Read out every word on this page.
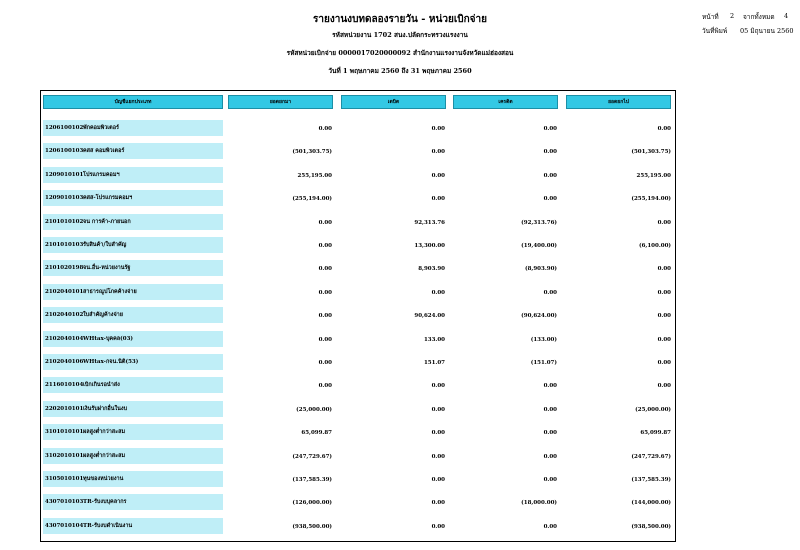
รายงานงบทดลองรายวัน - หน่วยเบิกจ่าย
รหัสหน่วยงาน 1702 สนง.ปลัดกระทรวงแรงงาน
รหัสหน่วยเบิกจ่าย 0000017020000092 สำนักงานแรงงานจังหวัดแม่ฮ่องสอน
วันที่ 1 พฤษภาคม 2560 ถึง 31 พฤษภาคม 2560
หน้าที่ 2 จากทั้งหมด 4
วันที่พิมพ์ 05 มิถุนายน 2560
บัญชีแยกประเภท	ยอดยกมา	เดบิต	เครดิต	ยอดยกไป
1206100102 พักคอมพิวเตอร์	0.00	0.00	0.00	0.00
1206100103 คสส คอมพิวเตอร์	(501,303.75)	0.00	0.00	(501,303.75)
1209010101 โปรแกรมคอมฯ	255,195.00	0.00	0.00	255,195.00
1209010103 คสส-โปรแกรมคอมฯ	(255,194.00)	0.00	0.00	(255,194.00)
2101010102 จน การค้า-ภายนอก	0.00	92,313.76	(92,313.76)	0.00
2101010103 รับสินค้า/ใบสำคัญ	0.00	13,300.00	(19,400.00)	(6,100.00)
2101020198 จน.อื่น-หน่วยงานรัฐ	0.00	8,903.90	(8,903.90)	0.00
2102040101 สาธารณูปโภคค้างจ่าย	0.00	0.00	0.00	0.00
2102040102 ใบสำคัญค้างจ่าย	0.00	90,624.00	(90,624.00)	0.00
2102040104 WHtax-บุคคล(03)	0.00	133.00	(133.00)	0.00
2102040106 WHtax-กจน.นิติ(53)	0.00	151.07	(151.07)	0.00
2116010104 เบิกเกินรอนำส่ง	0.00	0.00	0.00	0.00
2202010101 เงินรับฝากอื่นในงบ	(25,000.00)	0.00	0.00	(25,000.00)
3101010101 ผลสูงต่ำกว่าสะสม	65,099.87	0.00	0.00	65,099.87
3102010101 ผลสูงต่ำกว่าสะสม	(247,729.67)	0.00	0.00	(247,729.67)
3105010101 ทุนของหน่วยงาน	(137,585.39)	0.00	0.00	(137,585.39)
4307010103 TR-รับงบบุคลากร	(126,000.00)	0.00	(18,000.00)	(144,000.00)
4307010104 TR-รับงบดำเนินงาน	(938,500.00)	0.00	0.00	(938,500.00)
